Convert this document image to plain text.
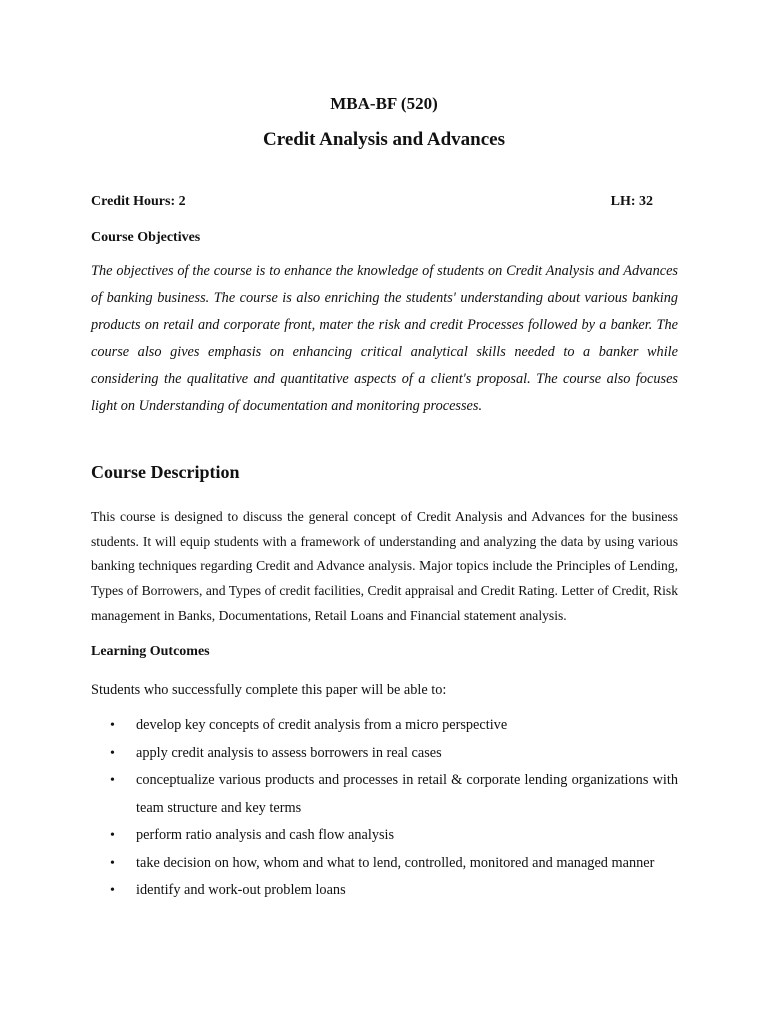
MBA-BF (520)
Credit Analysis and Advances
Credit Hours: 2	LH: 32
Course Objectives

The objectives of the course is to enhance the knowledge of students on Credit Analysis and Advances of banking business. The course is also enriching the students' understanding about various banking products on retail and corporate front, mater the risk and credit Processes followed by a banker. The course also gives emphasis on enhancing critical analytical skills needed to a banker while considering the qualitative and quantitative aspects of a client's proposal. The course also focuses light on Understanding of documentation and monitoring processes.

Course Description

This course is designed to discuss the general concept of Credit Analysis and Advances for the business students. It will equip students with a framework of understanding and analyzing the data by using various banking techniques regarding Credit and Advance analysis. Major topics include the Principles of Lending, Types of Borrowers, and Types of credit facilities, Credit appraisal and Credit Rating. Letter of Credit, Risk management in Banks, Documentations, Retail Loans and Financial statement analysis.

Learning Outcomes
Students who successfully complete this paper will be able to:
• develop key concepts of credit analysis from a micro perspective
• apply credit analysis to assess borrowers in real cases
• conceptualize various products and processes in retail & corporate lending organizations with team structure and key terms
• perform ratio analysis and cash flow analysis
• take decision on how, whom and what to lend, controlled, monitored and managed manner
• identify and work-out problem loans
